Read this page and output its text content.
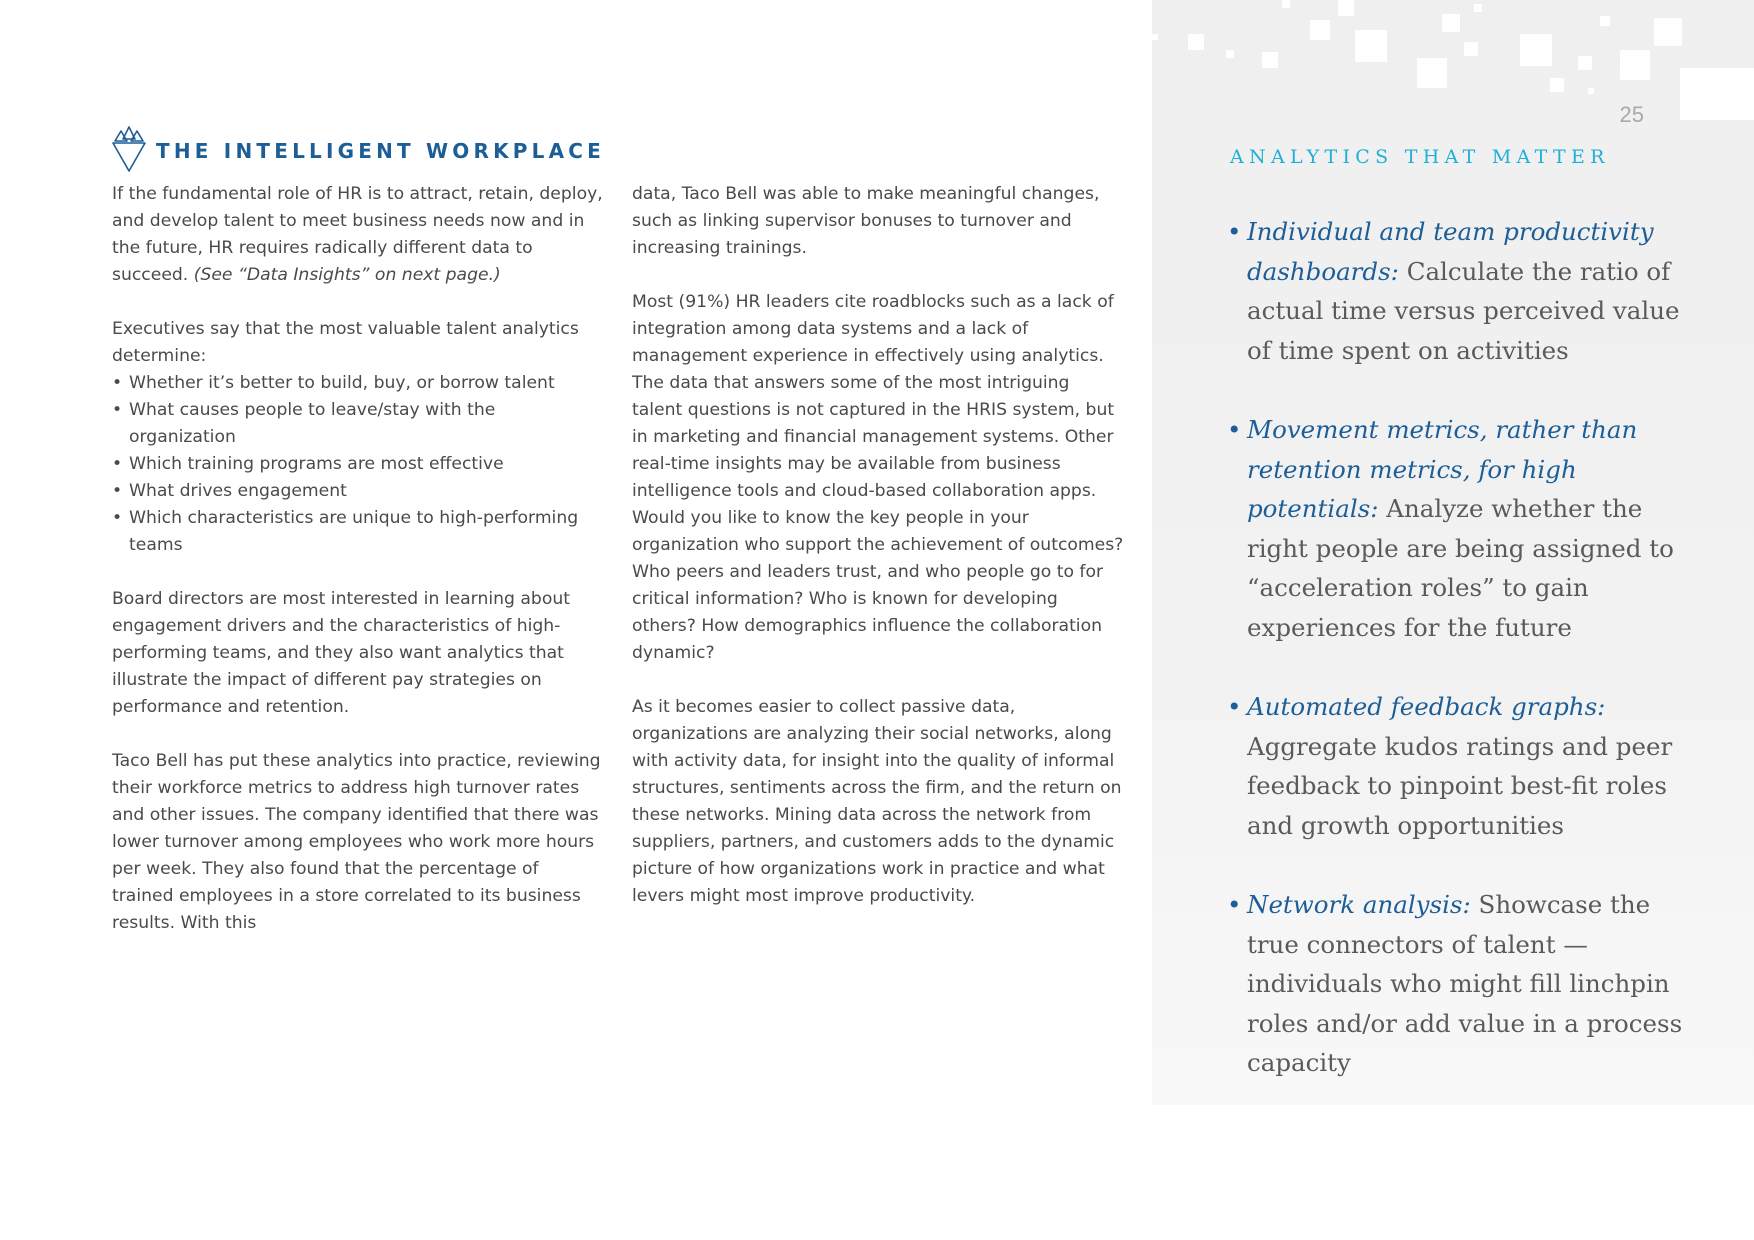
25
THE INTELLIGENT WORKPLACE

If the fundamental role of HR is to attract, retain, deploy, and develop talent to meet business needs now and in the future, HR requires radically different data to succeed. (See “Data Insights” on next page.)

Executives say that the most valuable talent analytics determine:

• Whether it’s better to build, buy, or borrow talent
• What causes people to leave/stay with the organization
• Which training programs are most effective
• What drives engagement
• Which characteristics are unique to high-performing teams

Board directors are most interested in learning about engagement drivers and the characteristics of high-performing teams, and they also want analytics that illustrate the impact of different pay strategies on performance and retention.

Taco Bell has put these analytics into practice, reviewing their workforce metrics to address high turnover rates and other issues. The company identified that there was lower turnover among employees who work more hours per week. They also found that the percentage of trained employees in a store correlated to its business results. With this

data, Taco Bell was able to make meaningful changes, such as linking supervisor bonuses to turnover and increasing trainings.

Most (91%) HR leaders cite roadblocks such as a lack of integration among data systems and a lack of management experience in effectively using analytics. The data that answers some of the most intriguing talent questions is not captured in the HRIS system, but in marketing and financial management systems. Other real-time insights may be available from business intelligence tools and cloud-based collaboration apps. Would you like to know the key people in your organization who support the achievement of outcomes? Who peers and leaders trust, and who people go to for critical information? Who is known for developing others? How demographics influence the collaboration dynamic?

As it becomes easier to collect passive data, organizations are analyzing their social networks, along with activity data, for insight into the quality of informal structures, sentiments across the firm, and the return on these networks. Mining data across the network from suppliers, partners, and customers adds to the dynamic picture of how organizations work in practice and what levers might most improve productivity.

ANALYTICS THAT MATTER
• Individual and team productivity dashboards: Calculate the ratio of actual time versus perceived value of time spent on activities
• Movement metrics, rather than retention metrics, for high potentials: Analyze whether the right people are being assigned to “acceleration roles” to gain experiences for the future
• Automated feedback graphs: Aggregate kudos ratings and peer feedback to pinpoint best-fit roles and growth opportunities
• Network analysis: Showcase the true connectors of talent — individuals who might fill linchpin roles and/or add value in a process capacity
